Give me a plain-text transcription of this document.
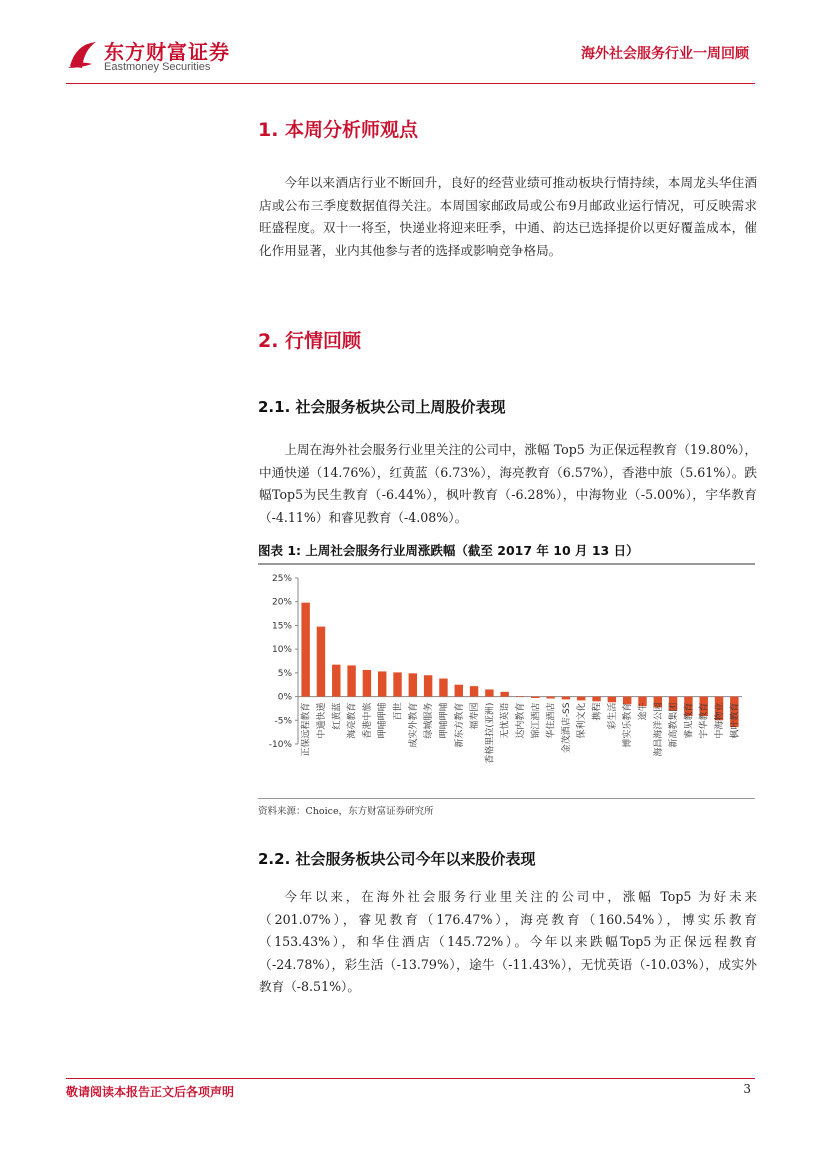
东方财富证券
Eastmoney Securities
海外社会服务行业一周回顾
1. 本周分析师观点
今年以来酒店行业不断回升，良好的经营业绩可推动板块行情持续，本周龙头华住酒店或公布三季度数据值得关注。本周国家邮政局或公布9月邮政业运行情况，可反映需求旺盛程度。双十一将至，快递业将迎来旺季，中通、韵达已选择提价以更好覆盖成本，催化作用显著，业内其他参与者的选择或影响竞争格局。
2. 行情回顾
2.1. 社会服务板块公司上周股价表现
上周在海外社会服务行业里关注的公司中，涨幅 Top5 为正保远程教育（19.80%），中通快递（14.76%），红黄蓝（6.73%），海亮教育（6.57%），香港中旅（5.61%）。跌幅Top5为民生教育（-6.44%），枫叶教育（-6.28%），中海物业（-5.00%），宇华教育（-4.11%）和睿见教育（-4.08%）。
图表 1: 上周社会服务行业周涨跌幅（截至 2017 年 10 月 13 日）
25%
20%
15%
10%
5%
0%
-5%
-10% 正保远程教育 中通快递 红黄蓝 海亮教育 香港中旅 呷哺呷哺 百世 成实外教育 绿城服务 呷哺呷哺 新东方教育 福寿园 香格里拉(亚洲) 无忧英语 达内教育 锦江酒店 华住酒店 金茂酒店-SS 保利文化 携程 彩生活 博实乐教育 途牛 海昌海洋公园 新高教集团 睿见教育 宇华教育 中海物业 枫叶教育
资料来源：Choice，东方财富证券研究所
2.2. 社会服务板块公司今年以来股价表现
今年以来，在海外社会服务行业里关注的公司中，涨幅 Top5 为好未来（201.07%），睿见教育（176.47%），海亮教育（160.54%），博实乐教育（153.43%），和华住酒店（145.72%）。今年以来跌幅Top5为正保远程教育（-24.78%），彩生活（-13.79%），途牛（-11.43%），无忧英语（-10.03%），成实外教育（-8.51%）。
敬请阅读本报告正文后各项声明	3
